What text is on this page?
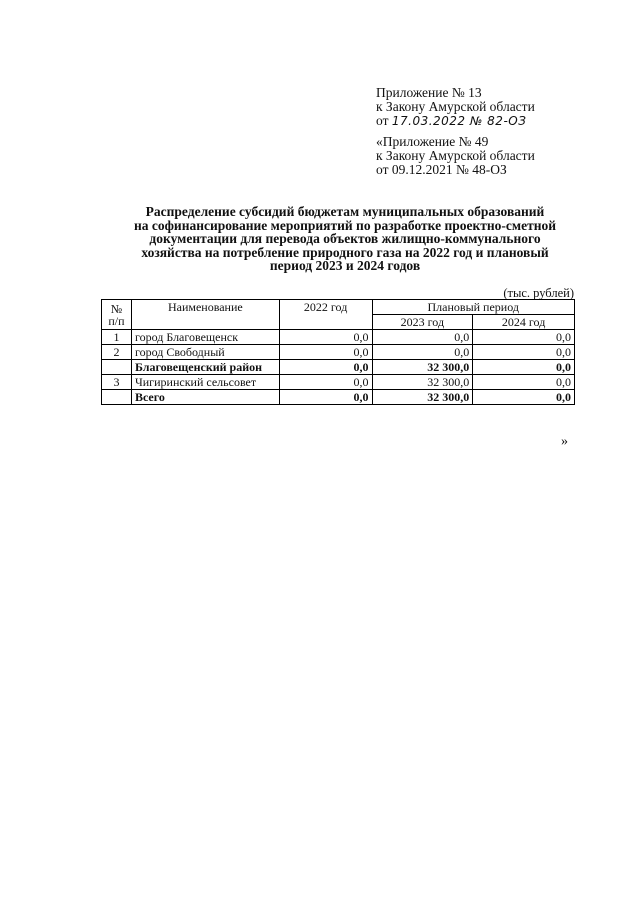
Приложение № 13
к Закону Амурской области
от 17.03.2022 № 82-ОЗ
«Приложение № 49
к Закону Амурской области
от 09.12.2021 № 48-ОЗ
Распределение субсидий бюджетам муниципальных образований
на софинансирование мероприятий по разработке проектно-сметной
документации для перевода объектов жилищно-коммунального
хозяйства на потребление природного газа на 2022 год и плановый
период 2023 и 2024 годов
(тыс. рублей)
№
п/п	Наименование	2022 год	Плановый период	
			2023 год	2024 год
1	город Благовещенск	0,0	0,0	0,0
2	город Свободный	0,0	0,0	0,0
	Благовещенский район	0,0	32 300,0	0,0
3	Чигиринский сельсовет	0,0	32 300,0	0,0
	Всего	0,0	32 300,0	0,0
»
